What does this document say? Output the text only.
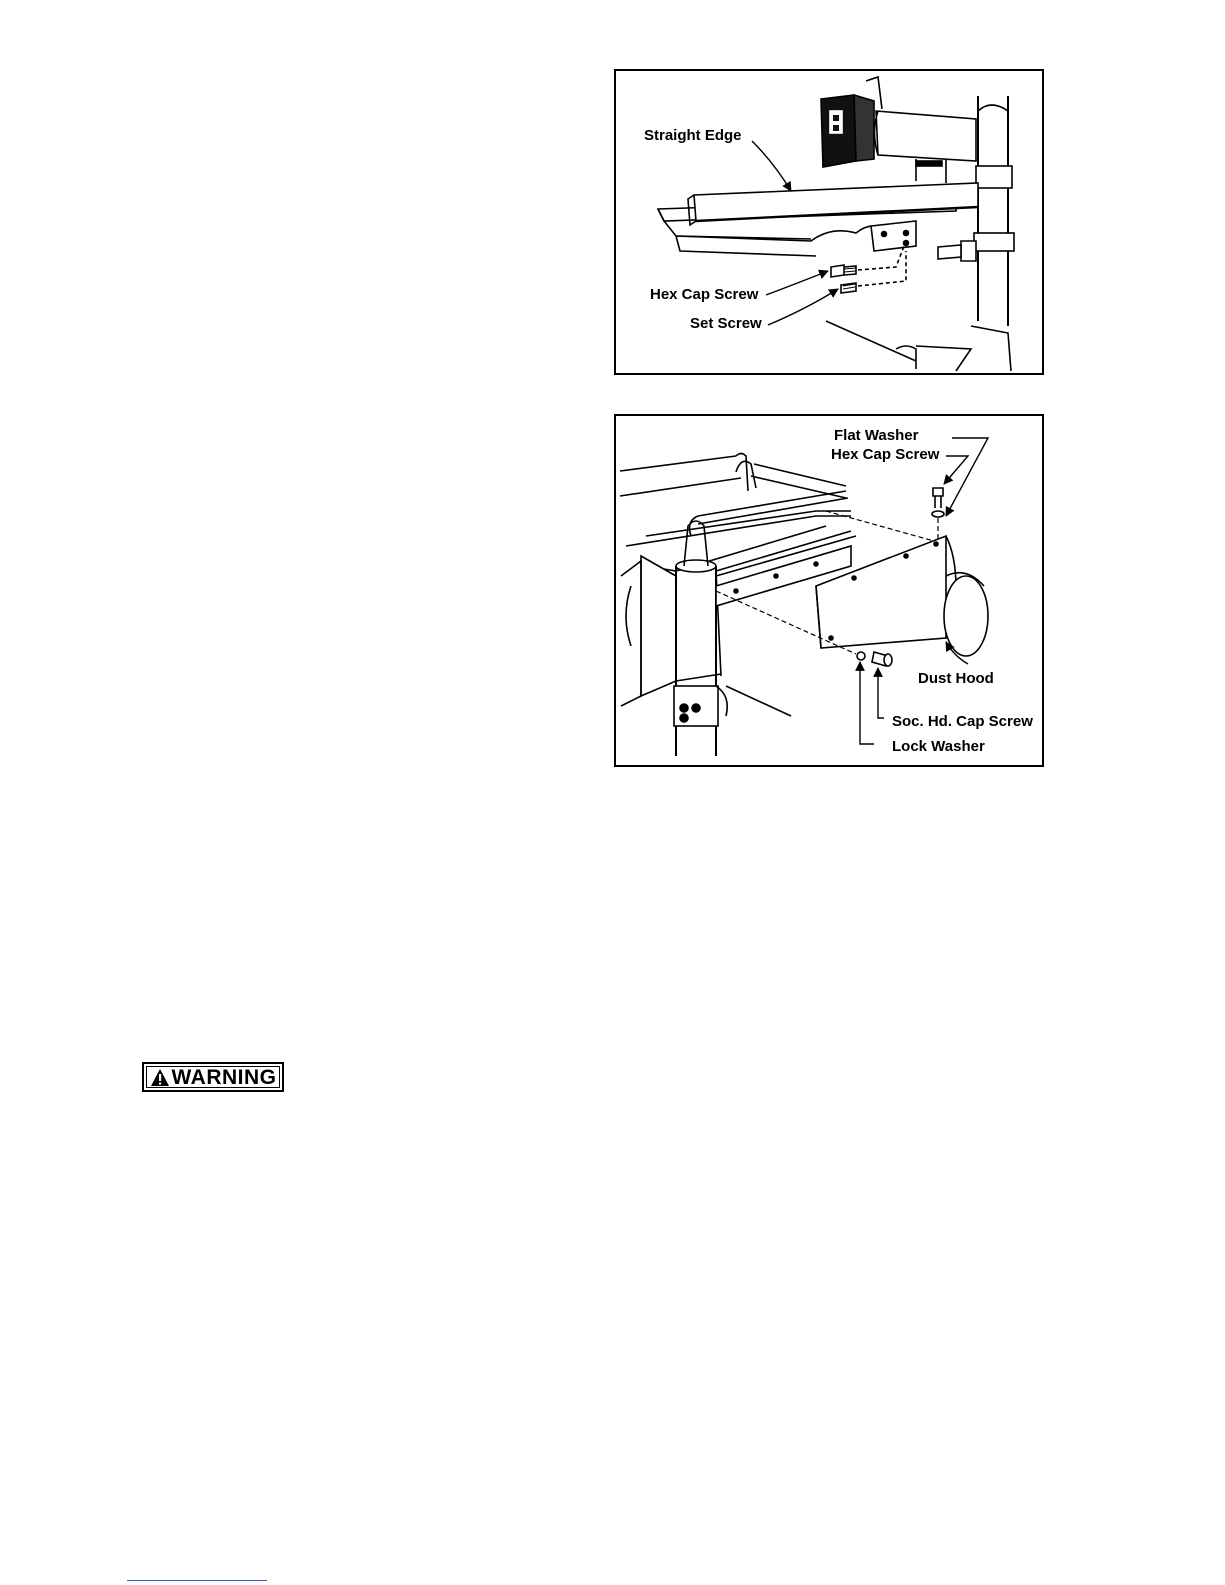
Straight Edge
Hex Cap Screw
Set Screw
Flat Washer
Hex Cap Screw
Dust Hood
Soc. Hd. Cap Screw
Lock Washer
WARNING
